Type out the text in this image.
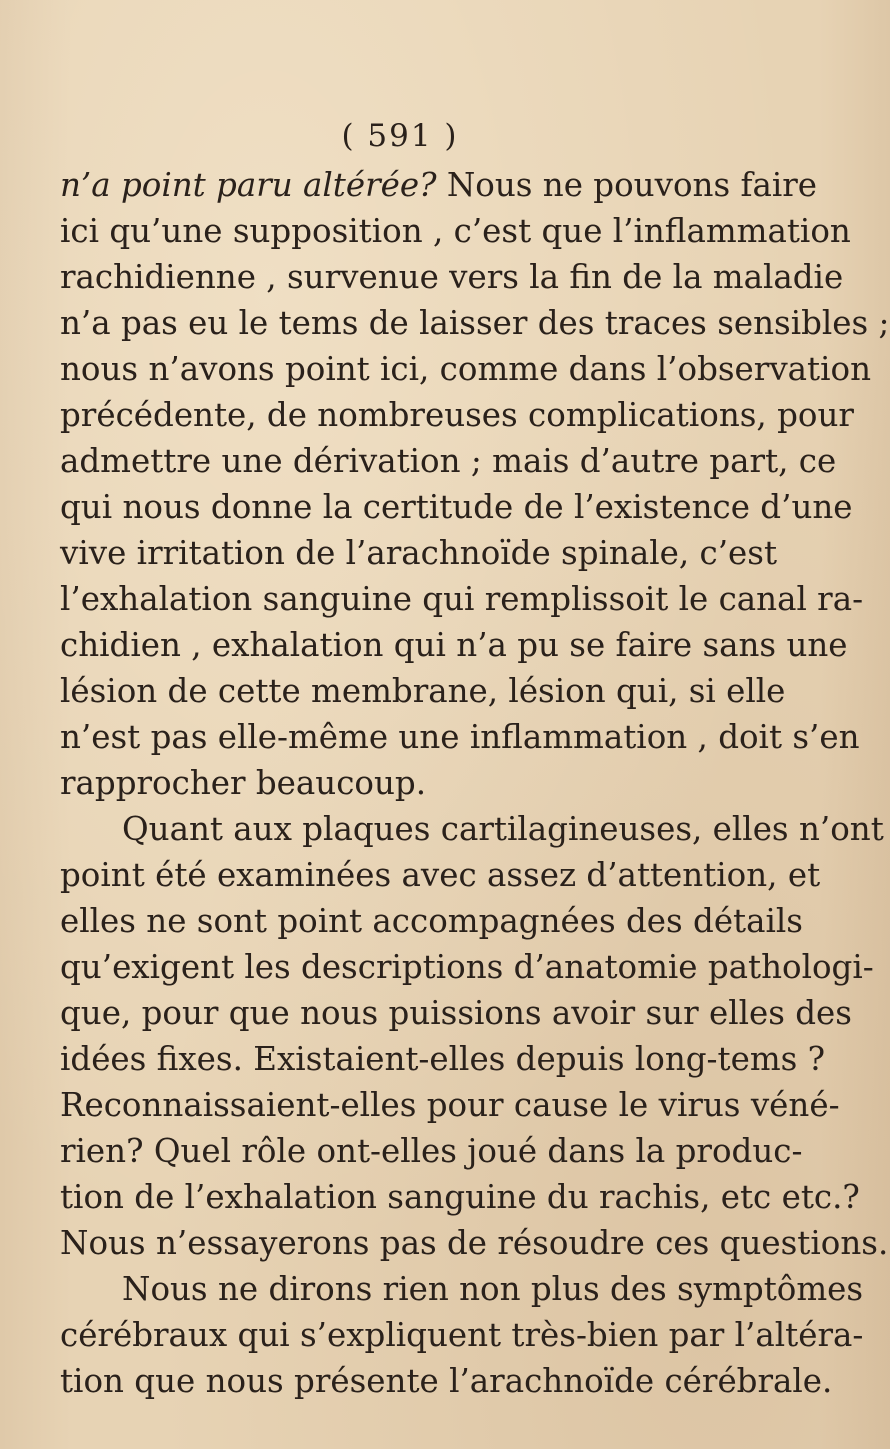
( 591 )
n’a point paru altérée? Nous ne pouvons faire
ici qu’une supposition , c’est que l’inflammation
rachidienne , survenue vers la fin de la maladie
n’a pas eu le tems de laisser des traces sensibles ;
nous n’avons point ici, comme dans l’observation
précédente, de nombreuses complications, pour
admettre une dérivation ; mais d’autre part, ce
qui nous donne la certitude de l’existence d’une
vive irritation de l’arachnoïde spinale, c’est
l’exhalation sanguine qui remplissoit le canal ra-
chidien , exhalation qui n’a pu se faire sans une
lésion de cette membrane, lésion qui, si elle
n’est pas elle-même une inflammation , doit s’en
rapprocher beaucoup.
Quant aux plaques cartilagineuses, elles n’ont
point été examinées avec assez d’attention, et
elles ne sont point accompagnées des détails
qu’exigent les descriptions d’anatomie pathologi-
que, pour que nous puissions avoir sur elles des
idées fixes. Existaient-elles depuis long-tems ?
Reconnaissaient-elles pour cause le virus véné-
rien? Quel rôle ont-elles joué dans la produc-
tion de l’exhalation sanguine du rachis, etc etc.?
Nous n’essayerons pas de résoudre ces questions.
Nous ne dirons rien non plus des symptômes
cérébraux qui s’expliquent très-bien par l’altéra-
tion que nous présente l’arachnoïde cérébrale.
